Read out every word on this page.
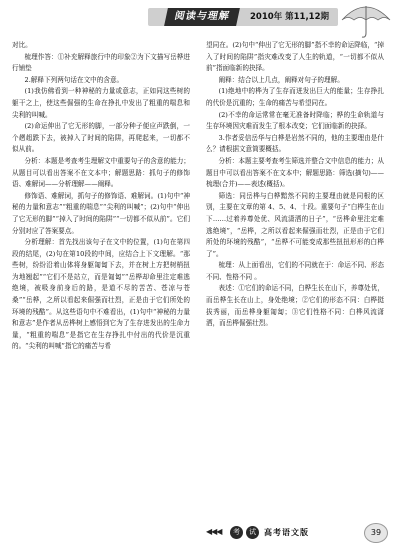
阅读与理解	2010年 第11,12期

对比。

梳理作答：①补充解释旅行中的印象②为下文描写岳桦进行铺垫

2.解释下列两句话在文中的含意。

(1)我仿佛看到一种神秘的力量或意志，正如同这些树的躯干之上，使这些倔强的生命在挣扎中发出了粗重的喘息和尖利的叫喊。

(2)命运伸出了它无形的脚，一部分种子便应声跌倒，一个趔趄跌下去，被掉入了时间的陷阱，再爬起来，一切都不似从前。

分析：本题是考查考生理解文中重要句子的含意的能力；从题目可以看出答案不在文本中；解题思路：抓句子的修饰语、难解词——分析理解——阐释。

修饰语、难解词，抓句子的修饰语、难解词。(1)句中“神秘的力量和意志”“粗重的喘息”“尖利的叫喊”；(2)句中“伸出了它无形的脚”“掉入了时间的陷阱”“一切都不似从前”。它们分别对应了答案要点。

分析理解：首先找出该句子在文中的位置，(1)句在第四段的结尾，(2)句在第10段的中间，应结合上下文理解。“那些树，纷纷沿着山体将身躯匍匐下去，并在树上方把树梢扭为地翘起”“它们不是站立，而是匍匐”“岳桦却命里注定难逃绝境，被吸身前身后的路，是道不尽的苦苦、苍凉与苍桑”“岳桦，之所以看起来倔强而壮烈，正是由于它们所处的环境的残酷”。从这些语句中不难看出，(1)句中“神秘的力量和意志”是作者从岳桦树上感悟到它为了生存进发出的生命力量，“粗重的喘息”是指它在生存挣扎中付出的代价是沉重的。“尖利的叫喊”指它的痛苦与希

望同在。(2)句中“伸出了它无形的脚”指不幸的命运降临，“掉入了时间的陷阱”指灾难改变了人生的轨道，“一切都不似从前”指面临新的抉择。

阐释：结合以上几点，阐释对句子的理解。

(1)绝地中的桦为了生存而迸发出巨大的能量；生存挣扎的代价是沉重的；生命的痛苦与希望同在。

(2)不幸的命运常常在毫无准备时降临；桦的生命轨道与生存环境因灾难而发生了根本改变；它们面临新的抉择。

3.作者妥信岳华与白桦是岩然不同的，他的主要理由是什么？请根据文意简要概括。

分析：本题主要考查考生筛选并整合文中信息的能力；从题目中可以看出答案不在文本中；解题思路：筛选(摘句)——梳理(合并)——表述(概括)。

筛选：同岳桦与白桦黯然不同的主要理由就是同根的区别，主要在文章的第 4、5、4、十段。重要句子“白桦生在山下……过着养尊处优、风流潇洒的日子”，“岳桦命里注定难逃绝境”，“岳桦，之所以看起来倔强而壮烈，正是由于它们所处的环境的残酷”，“岳桦不可能变成那些扭扭形形的白桦了”。

梳理：从上面看出，它们的不同就在于：命运不同、形态不同、性格不同 。

表述：①它们的命运不同，白桦生长在山下，养尊处优，而岳桦生长在山上，身处绝境；②它们的形态不同：白桦挺拔秀丽，而岳桦身躯匍匐；③它们性格不同：白桦风流潇洒，而岳桦倔强壮烈。

◀◀◀	考	试	高考语文版	39
